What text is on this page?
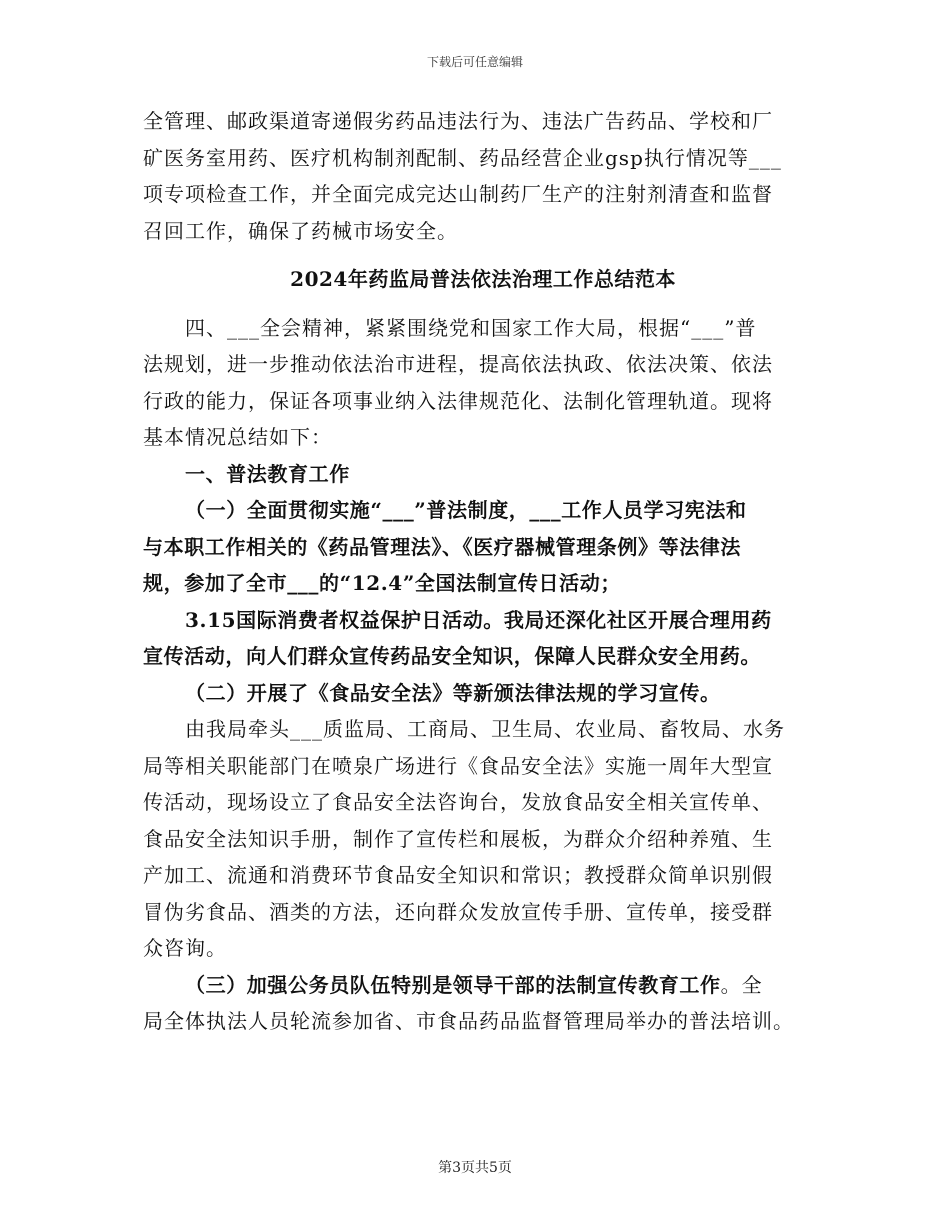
下载后可任意编辑
全管理、邮政渠道寄递假劣药品违法行为、违法广告药品、学校和厂
矿医务室用药、医疗机构制剂配制、药品经营企业gsp执行情况等___
项专项检查工作，并全面完成完达山制药厂生产的注射剂清查和监督
召回工作，确保了药械市场安全。
2024年药监局普法依法治理工作总结范本
四、___全会精神，紧紧围绕党和国家工作大局，根据“___”普
法规划，进一步推动依法治市进程，提高依法执政、依法决策、依法
行政的能力，保证各项事业纳入法律规范化、法制化管理轨道。现将
基本情况总结如下：
一、普法教育工作
（一）全面贯彻实施“___”普法制度，___工作人员学习宪法和
与本职工作相关的《药品管理法》、《医疗器械管理条例》等法律法
规，参加了全市___的“12.4”全国法制宣传日活动；
3.15国际消费者权益保护日活动。我局还深化社区开展合理用药
宣传活动，向人们群众宣传药品安全知识，保障人民群众安全用药。
（二）开展了《食品安全法》等新颁法律法规的学习宣传。
由我局牵头___质监局、工商局、卫生局、农业局、畜牧局、水务
局等相关职能部门在喷泉广场进行《食品安全法》实施一周年大型宣
传活动，现场设立了食品安全法咨询台，发放食品安全相关宣传单、
食品安全法知识手册，制作了宣传栏和展板，为群众介绍种养殖、生
产加工、流通和消费环节食品安全知识和常识；教授群众简单识别假
冒伪劣食品、酒类的方法，还向群众发放宣传手册、宣传单，接受群
众咨询。
（三）加强公务员队伍特别是领导干部的法制宣传教育工作。全
局全体执法人员轮流参加省、市食品药品监督管理局举办的普法培训。
第3页共5页
